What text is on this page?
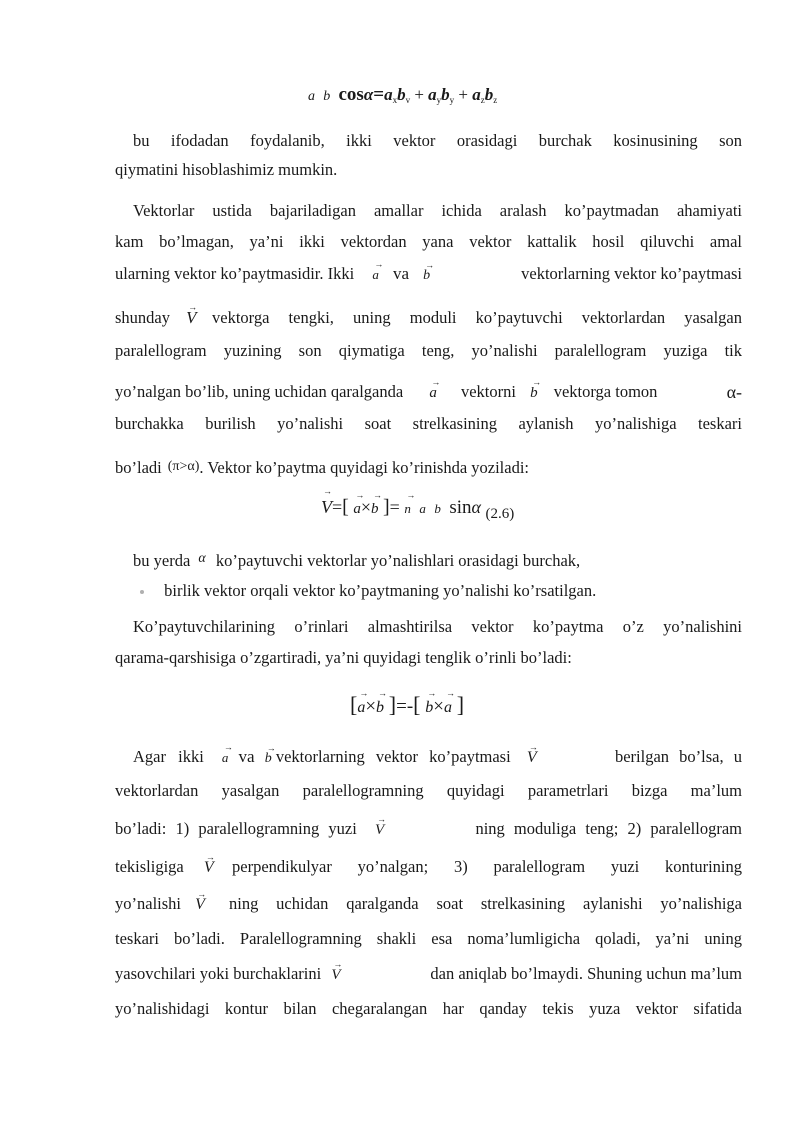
a b $\cos\alpha=a_xb_v + a_yb_y + a_zb_z$
bu ifodadan foydalanib, ikki vektor orasidagi burchak kosinusining son
qiymatini hisoblashimiz mumkin.
Vektorlar ustida bajariladigan amallar ichida aralash ko’paytmadan ahamiyati
kam bo’lmagan, ya’ni ikki vektordan yana vektor kattalik hosil qiluvchi amal
ularning vektor ko’paytmasidir. Ikki → a va → b	vektorlarning vektor ko’paytmasi
shunday → V vektorga tengki, uning moduli ko’paytuvchi vektorlardan yasalgan
paralellogram yuzining son qiymatiga teng, yo’nalishi paralellogram yuziga tik
yo’nalgan bo’lib, uning uchidan qaralganda → a vektorni → b vektorga tomon	α-
burchakka burilish yo’nalishi soat strelkasining aylanish yo’nalishiga teskari
bo’ladi (π>α). Vektor ko’paytma quyidagi ko’rinishda yoziladi:
→ V=[ → a×→ b ]= → n a b sinα $_{(2.6)}$
bu yerda $^\alpha$ ko’paytuvchi vektorlar yo’nalishlari orasidagi burchak,
birlik vektor orqali vektor ko’paytmaning yo’nalishi ko’rsatilgan.
Ko’paytuvchilarining o’rinlari almashtirilsa vektor ko’paytma o’z yo’nalishini
qarama-qarshisiga o’zgartiradi, ya’ni quyidagi tenglik o’rinli bo’ladi:
[→ a×→ b ]=-[ → b×→ a ]
Agar ikki → a va → b vektorlarning vektor ko’paytmasi → V	berilgan bo’lsa, u
vektorlardan yasalgan paralellogramning quyidagi parametrlari bizga ma’lum
bo’ladi: 1) paralellogramning yuzi → V	ning moduliga teng; 2) paralellogram
tekisligiga → V perpendikulyar yo’nalgan; 3) paralellogram yuzi konturining
yo’nalishi → V ning uchidan qaralganda soat strelkasining aylanishi yo’nalishiga
teskari bo’ladi. Paralellogramning shakli esa noma’lumligicha qoladi, ya’ni uning
yasovchilari yoki burchaklarini → V	dan aniqlab bo’lmaydi. Shuning uchun ma’lum
yo’nalishidagi kontur bilan chegaralangan har qanday tekis yuza vektor sifatida
